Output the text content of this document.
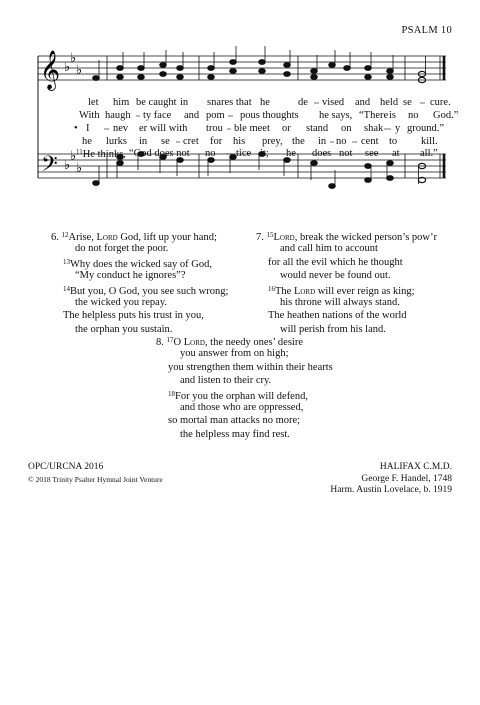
PSALM 10
𝄞
𝄢
♭
♭
♭
♭
♭
♭
let him be caught in snares that he	de vised and held se cure.
With haugh ty face and pom pous thoughts he says, “There is no God.”
• I nev er will with trou ble meet or stand on shak y ground.”
he lurks in se cret for his prey, the in no cent to kill.
$^{11}$He thinks, “God does not no tice it; he does not see at all.”
6. $^{12}$Arise, Lord God, lift up your hand;
do not forget the poor.
$^{13}$Why does the wicked say of God,
“My conduct he ignores”?
$^{14}$But you, O God, you see such wrong;
the wicked you repay.
The helpless puts his trust in you,
the orphan you sustain.
7. $^{15}$Lord, break the wicked person’s pow’r
and call him to account
for all the evil which he thought
would never be found out.
$^{16}$The Lord will ever reign as king;
his throne will always stand.
The heathen nations of the world
will perish from his land.
8. $^{17}$O Lord, the needy ones’ desire
you answer from on high;
you strengthen them within their hearts
and listen to their cry.
$^{18}$For you the orphan will defend,
and those who are oppressed,
so mortal man attacks no more;
the helpless may find rest.
OPC/URCNA 2016
© 2018 Trinity Psalter Hymnal Joint Venture
HALIFAX C.M.D.
George F. Handel, 1748
Harm. Austin Lovelace, b. 1919
